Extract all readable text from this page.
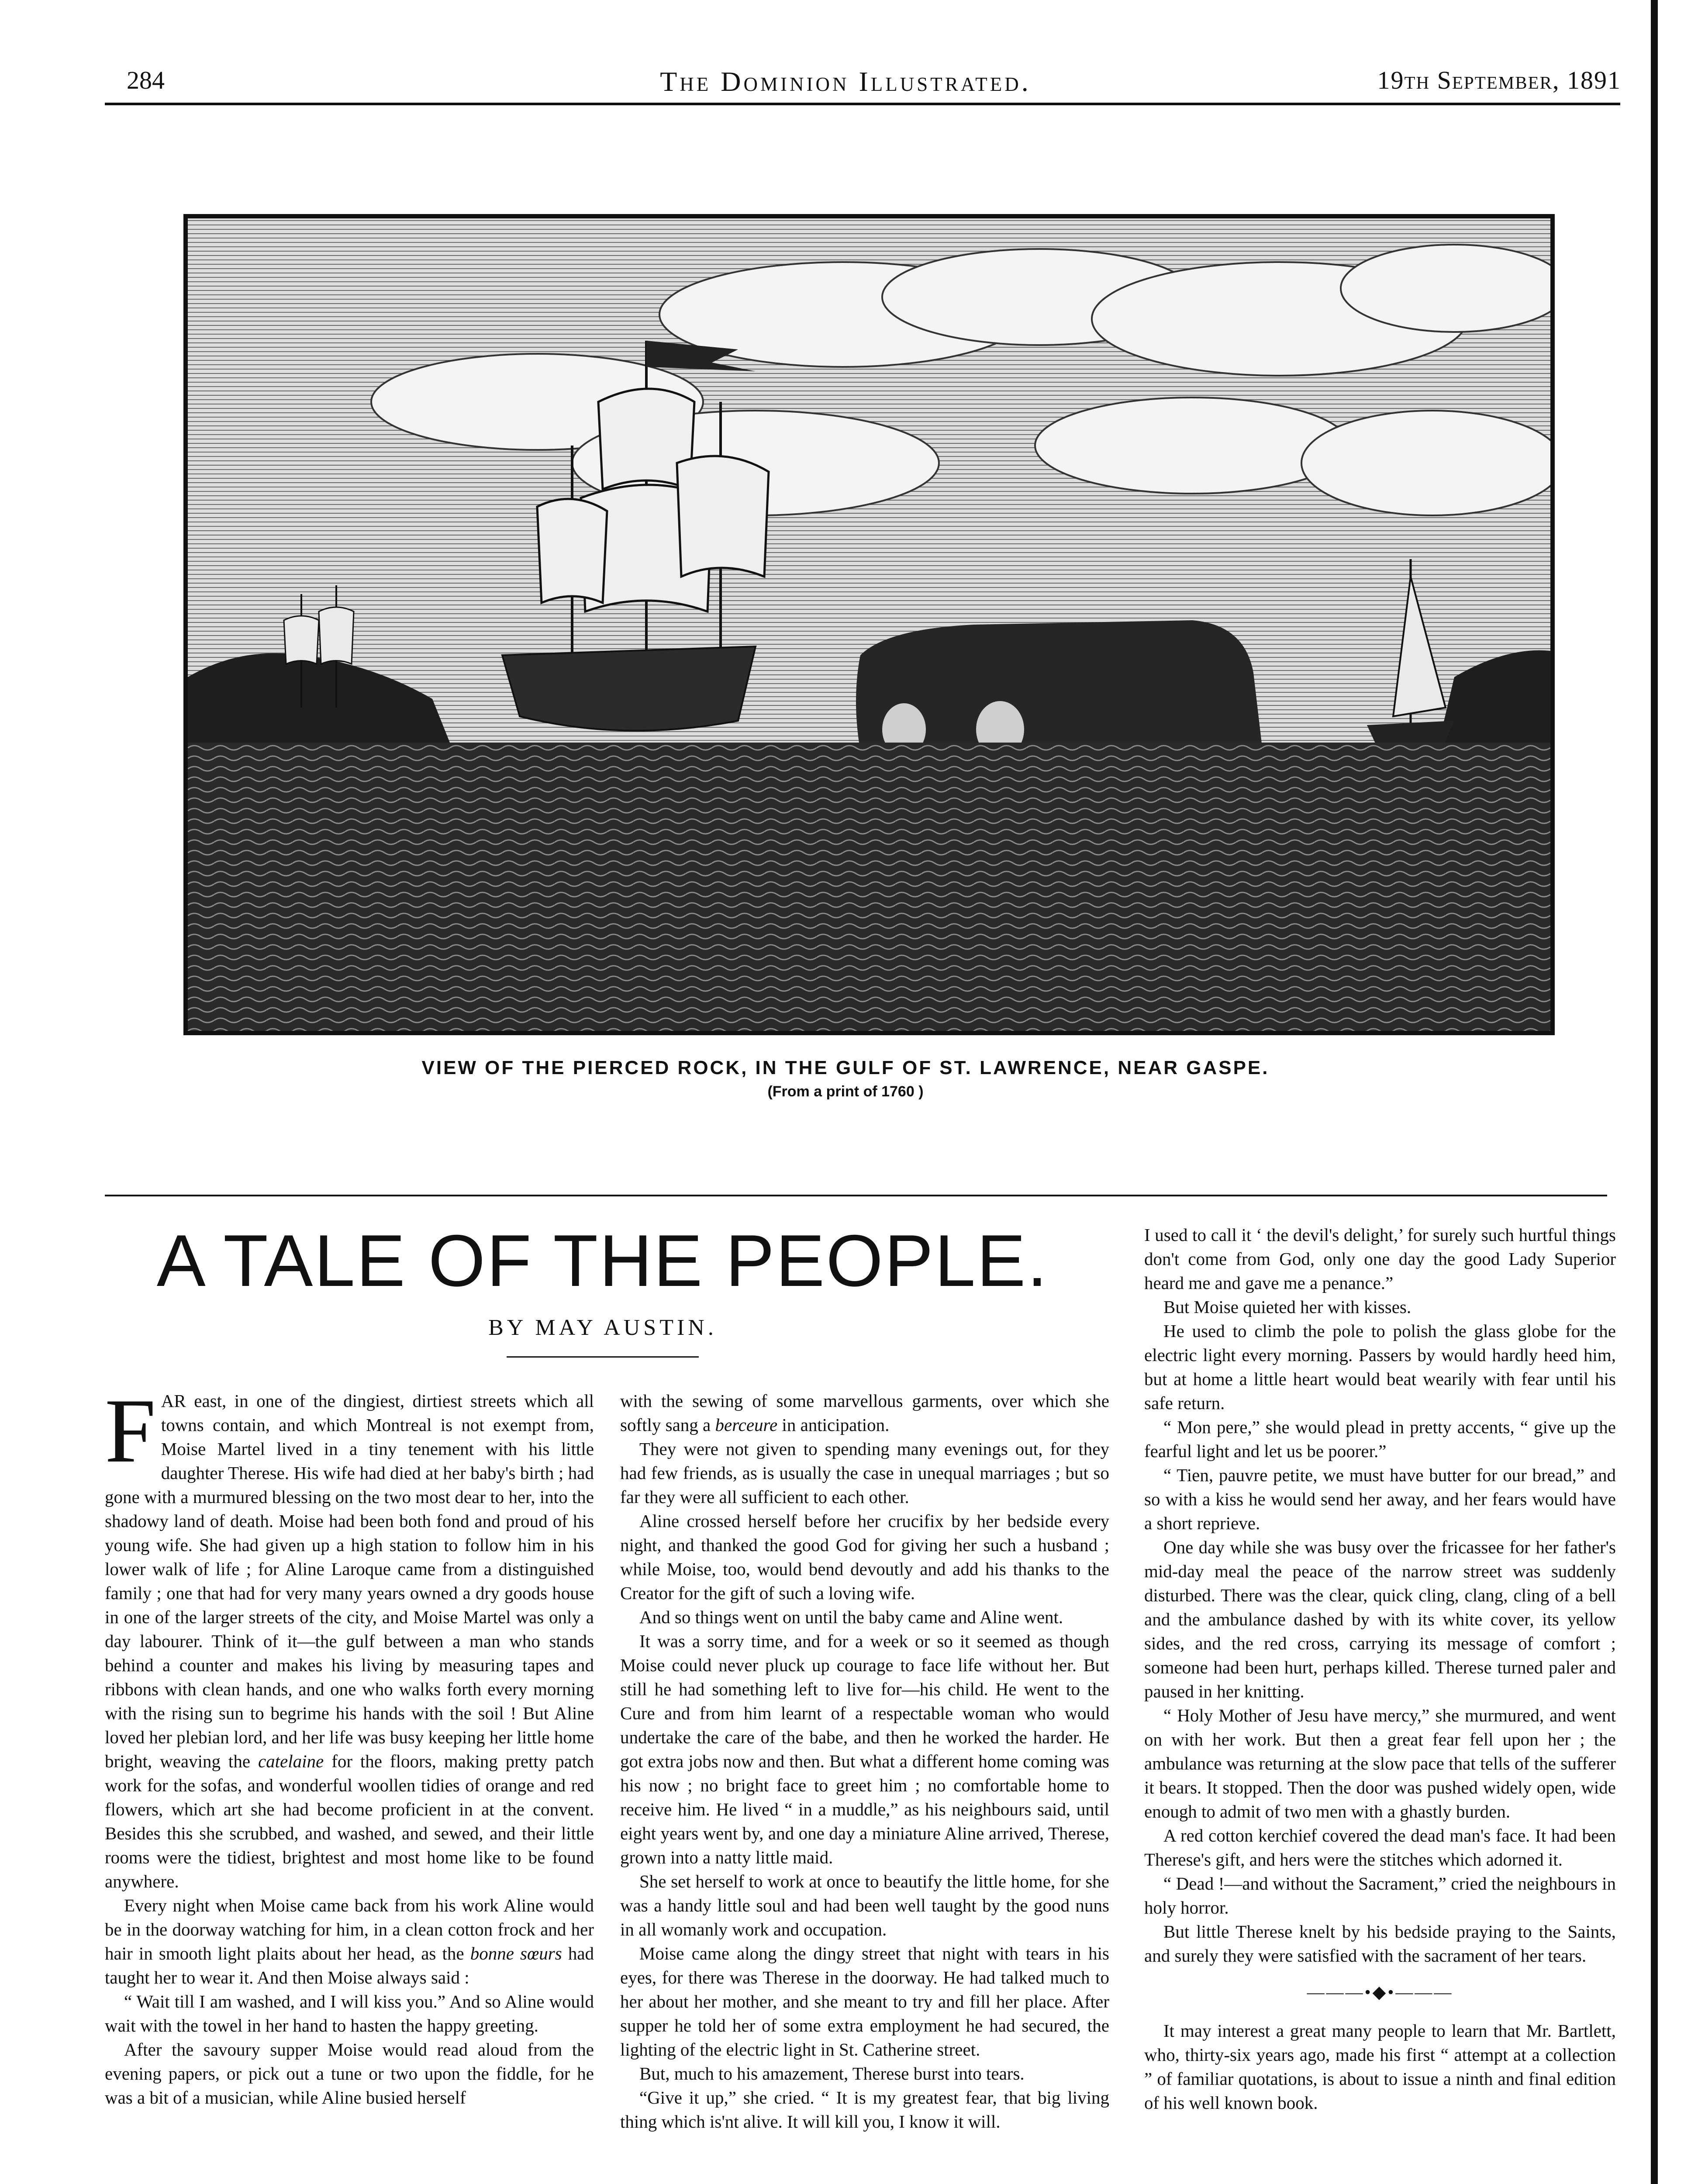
284	The Dominion Illustrated.	19th September, 1891
VIEW OF THE PIERCED ROCK, IN THE GULF OF ST. LAWRENCE, NEAR GASPE.
(From a print of 1760 )
A TALE OF THE PEOPLE.
BY MAY AUSTIN.

FAR east, in one of the dingiest, dirtiest streets which all towns contain, and which Montreal is not exempt from, Moise Martel lived in a tiny tenement with his little daughter Therese. His wife had died at her baby's birth ; had gone with a murmured blessing on the two most dear to her, into the shadowy land of death. Moise had been both fond and proud of his young wife. She had given up a high station to follow him in his lower walk of life ; for Aline Laroque came from a distinguished family ; one that had for very many years owned a dry goods house in one of the larger streets of the city, and Moise Martel was only a day labourer. Think of it—the gulf between a man who stands behind a counter and makes his living by measuring tapes and ribbons with clean hands, and one who walks forth every morning with the rising sun to begrime his hands with the soil ! But Aline loved her plebian lord, and her life was busy keeping her little home bright, weaving the catelaine for the floors, making pretty patch work for the sofas, and wonderful woollen tidies of orange and red flowers, which art she had become proficient in at the convent. Besides this she scrubbed, and washed, and sewed, and their little rooms were the tidiest, brightest and most home like to be found anywhere.

Every night when Moise came back from his work Aline would be in the doorway watching for him, in a clean cotton frock and her hair in smooth light plaits about her head, as the bonne sœurs had taught her to wear it. And then Moise always said :

“ Wait till I am washed, and I will kiss you.” And so Aline would wait with the towel in her hand to hasten the happy greeting.

After the savoury supper Moise would read aloud from the evening papers, or pick out a tune or two upon the fiddle, for he was a bit of a musician, while Aline busied herself

with the sewing of some marvellous garments, over which she softly sang a berceure in anticipation.

They were not given to spending many evenings out, for they had few friends, as is usually the case in unequal marriages ; but so far they were all sufficient to each other.

Aline crossed herself before her crucifix by her bedside every night, and thanked the good God for giving her such a husband ; while Moise, too, would bend devoutly and add his thanks to the Creator for the gift of such a loving wife.

And so things went on until the baby came and Aline went.

It was a sorry time, and for a week or so it seemed as though Moise could never pluck up courage to face life without her. But still he had something left to live for—his child. He went to the Cure and from him learnt of a respectable woman who would undertake the care of the babe, and then he worked the harder. He got extra jobs now and then. But what a different home coming was his now ; no bright face to greet him ; no comfortable home to receive him. He lived “ in a muddle,” as his neighbours said, until eight years went by, and one day a miniature Aline arrived, Therese, grown into a natty little maid.

She set herself to work at once to beautify the little home, for she was a handy little soul and had been well taught by the good nuns in all womanly work and occupation.

Moise came along the dingy street that night with tears in his eyes, for there was Therese in the doorway. He had talked much to her about her mother, and she meant to try and fill her place. After supper he told her of some extra employment he had secured, the lighting of the electric light in St. Catherine street.

But, much to his amazement, Therese burst into tears.

“Give it up,” she cried. “ It is my greatest fear, that big living thing which is'nt alive. It will kill you, I know it will.

I used to call it ‘ the devil's delight,’ for surely such hurtful things don't come from God, only one day the good Lady Superior heard me and gave me a penance.”

But Moise quieted her with kisses.

He used to climb the pole to polish the glass globe for the electric light every morning. Passers by would hardly heed him, but at home a little heart would beat wearily with fear until his safe return.

“ Mon pere,” she would plead in pretty accents, “ give up the fearful light and let us be poorer.”

“ Tien, pauvre petite, we must have butter for our bread,” and so with a kiss he would send her away, and her fears would have a short reprieve.

One day while she was busy over the fricassee for her father's mid-day meal the peace of the narrow street was suddenly disturbed. There was the clear, quick cling, clang, cling of a bell and the ambulance dashed by with its white cover, its yellow sides, and the red cross, carrying its message of comfort ; someone had been hurt, perhaps killed. Therese turned paler and paused in her knitting.

“ Holy Mother of Jesu have mercy,” she murmured, and went on with her work. But then a great fear fell upon her ; the ambulance was returning at the slow pace that tells of the sufferer it bears. It stopped. Then the door was pushed widely open, wide enough to admit of two men with a ghastly burden.

A red cotton kerchief covered the dead man's face. It had been Therese's gift, and hers were the stitches which adorned it.

“ Dead !—and without the Sacrament,” cried the neighbours in holy horror.

But little Therese knelt by his bedside praying to the Saints, and surely they were satisfied with the sacrament of her tears.

———•◆•———

It may interest a great many people to learn that Mr. Bartlett, who, thirty-six years ago, made his first “ attempt at a collection ” of familiar quotations, is about to issue a ninth and final edition of his well known book.
